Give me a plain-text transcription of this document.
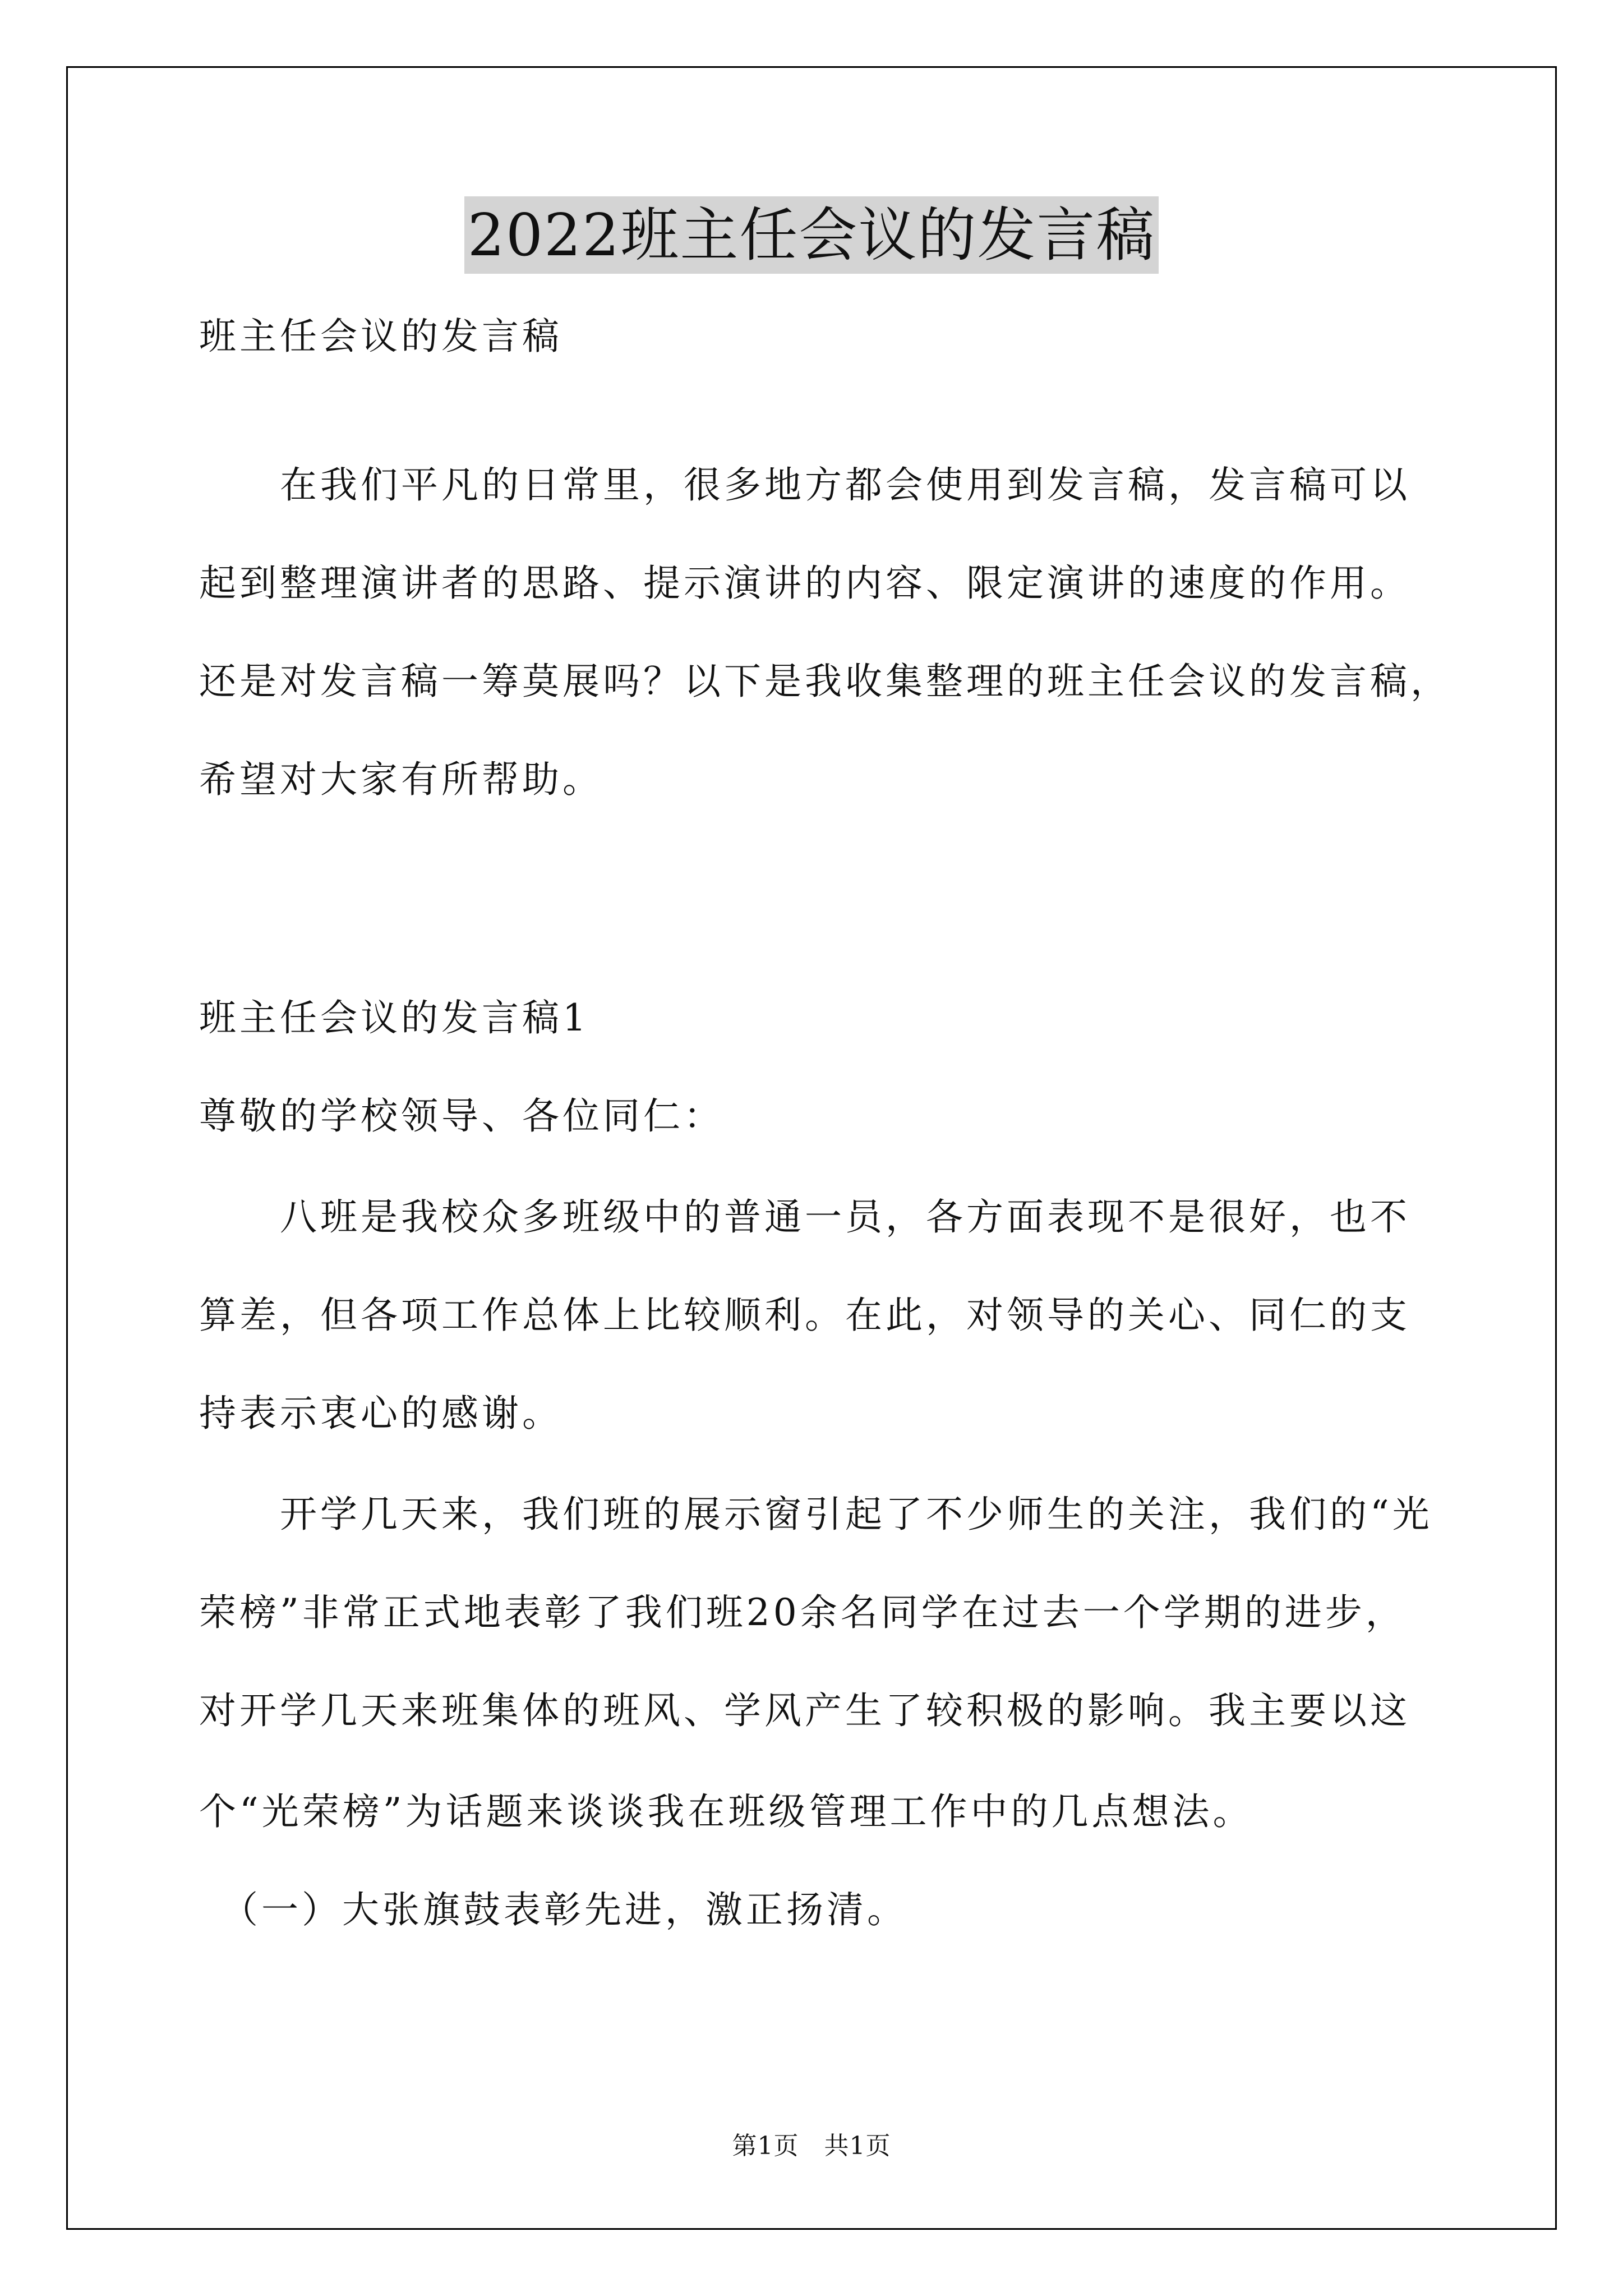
2022班主任会议的发言稿
班主任会议的发言稿
　　在我们平凡的日常里，很多地方都会使用到发言稿，发言稿可以
起到整理演讲者的思路、提示演讲的内容、限定演讲的速度的作用。
还是对发言稿一筹莫展吗？以下是我收集整理的班主任会议的发言稿，
希望对大家有所帮助。
班主任会议的发言稿1
尊敬的学校领导、各位同仁：
　　八班是我校众多班级中的普通一员，各方面表现不是很好，也不
算差，但各项工作总体上比较顺利。在此，对领导的关心、同仁的支
持表示衷心的感谢。
　　开学几天来，我们班的展示窗引起了不少师生的关注，我们的“光
荣榜”非常正式地表彰了我们班20余名同学在过去一个学期的进步，
对开学几天来班集体的班风、学风产生了较积极的影响。我主要以这
个“光荣榜”为话题来谈谈我在班级管理工作中的几点想法。
　（一）大张旗鼓表彰先进，激正扬清。
第1页　共1页
